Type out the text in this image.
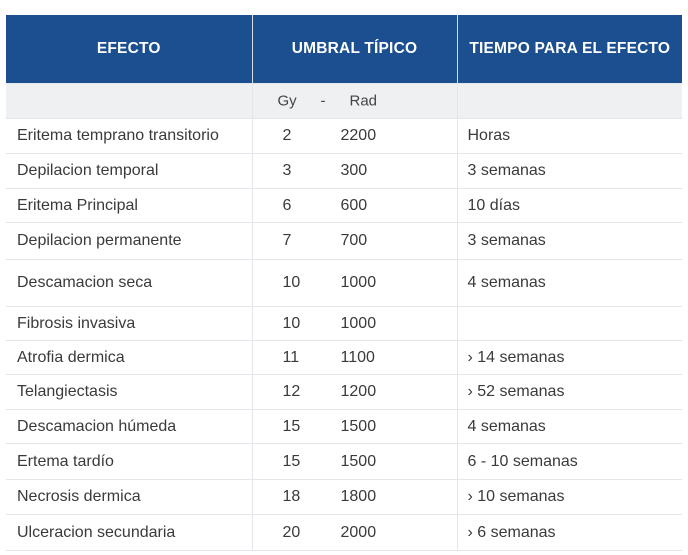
EFECTO	UMBRAL TÍPICO	TIEMPO PARA EL EFECTO

	Gy - Rad	

Eritema temprano transitorio	2 2200	Horas
Depilacion temporal	3 300	3 semanas
Eritema Principal	6 600	10 días
Depilacion permanente	7 700	3 semanas
Descamacion seca	10 1000	4 semanas
Fibrosis invasiva	10 1000	

Atrofia dermica	11 1100	› 14 semanas
Telangiectasis	12 1200	› 52 semanas
Descamacion húmeda	15 1500	4 semanas
Ertema tardío	15 1500	6 - 10 semanas
Necrosis dermica	18 1800	› 10 semanas
Ulceracion secundaria	20 2000	› 6 semanas
